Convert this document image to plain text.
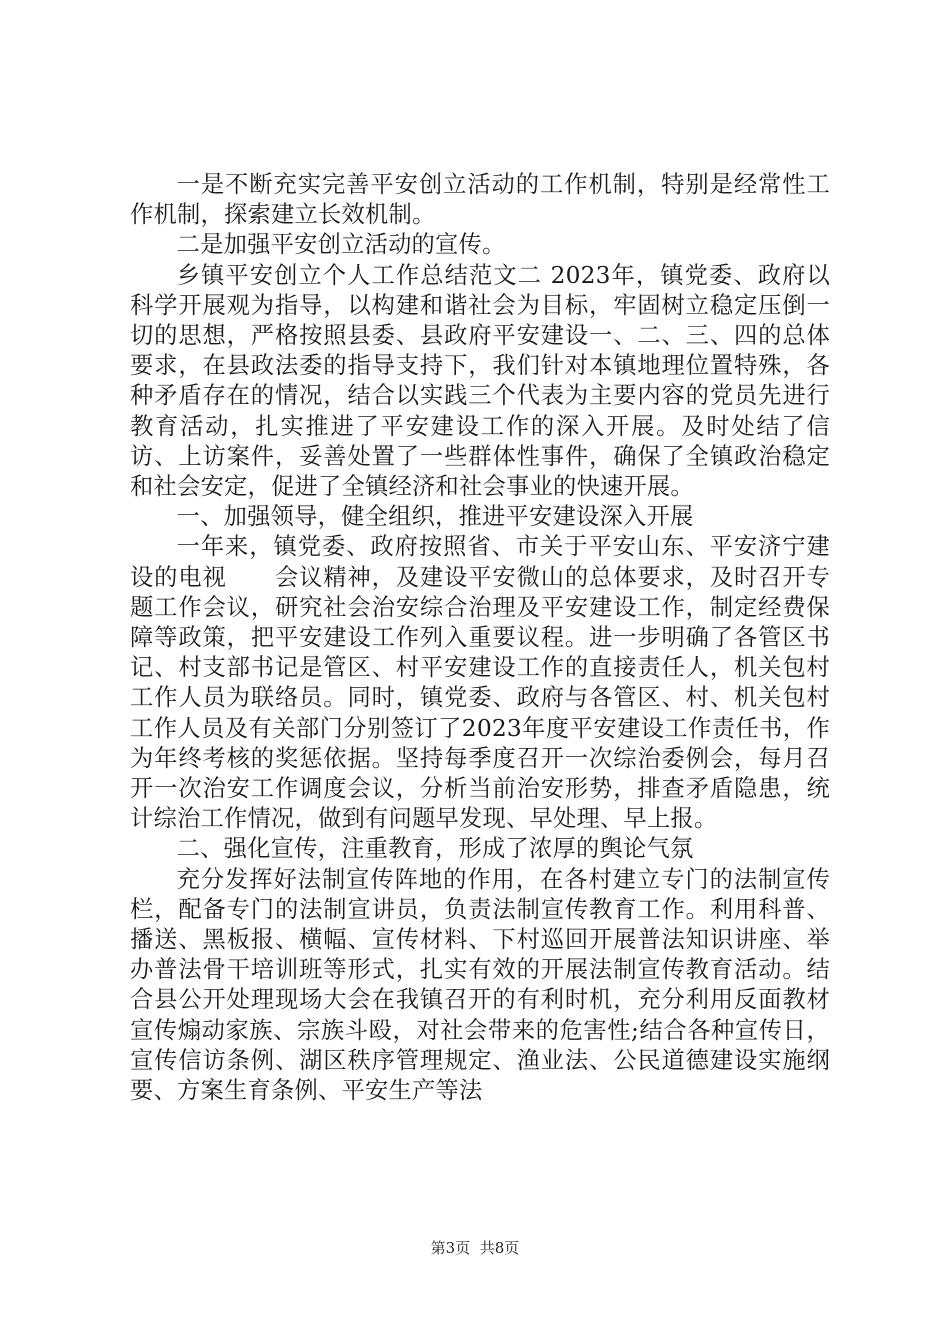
一是不断充实完善平安创立活动的工作机制，特别是经常性工作机制，探索建立长效机制。

二是加强平安创立活动的宣传。

乡镇平安创立个人工作总结范文二 2023年，镇党委、政府以科学开展观为指导，以构建和谐社会为目标，牢固树立稳定压倒一切的思想，严格按照县委、县政府平安建设一、二、三、四的总体要求，在县政法委的指导支持下，我们针对本镇地理位置特殊，各种矛盾存在的情况，结合以实践三个代表为主要内容的党员先进行教育活动，扎实推进了平安建设工作的深入开展。及时处结了信访、上访案件，妥善处置了一些群体性事件，确保了全镇政治稳定和社会安定，促进了全镇经济和社会事业的快速开展。

一、加强领导，健全组织，推进平安建设深入开展

一年来，镇党委、政府按照省、市关于平安山东、平安济宁建设的电视　　会议精神，及建设平安微山的总体要求，及时召开专题工作会议，研究社会治安综合治理及平安建设工作，制定经费保障等政策，把平安建设工作列入重要议程。进一步明确了各管区书记、村支部书记是管区、村平安建设工作的直接责任人，机关包村工作人员为联络员。同时，镇党委、政府与各管区、村、机关包村工作人员及有关部门分别签订了2023年度平安建设工作责任书，作为年终考核的奖惩依据。坚持每季度召开一次综治委例会，每月召开一次治安工作调度会议，分析当前治安形势，排查矛盾隐患，统计综治工作情况，做到有问题早发现、早处理、早上报。

二、强化宣传，注重教育，形成了浓厚的舆论气氛

充分发挥好法制宣传阵地的作用，在各村建立专门的法制宣传栏，配备专门的法制宣讲员，负责法制宣传教育工作。利用科普、播送、黑板报、横幅、宣传材料、下村巡回开展普法知识讲座、举办普法骨干培训班等形式，扎实有效的开展法制宣传教育活动。结合县公开处理现场大会在我镇召开的有利时机，充分利用反面教材宣传煽动家族、宗族斗殴，对社会带来的危害性;结合各种宣传日，宣传信访条例、湖区秩序管理规定、渔业法、公民道德建设实施纲要、方案生育条例、平安生产等法

第3页 共8页
